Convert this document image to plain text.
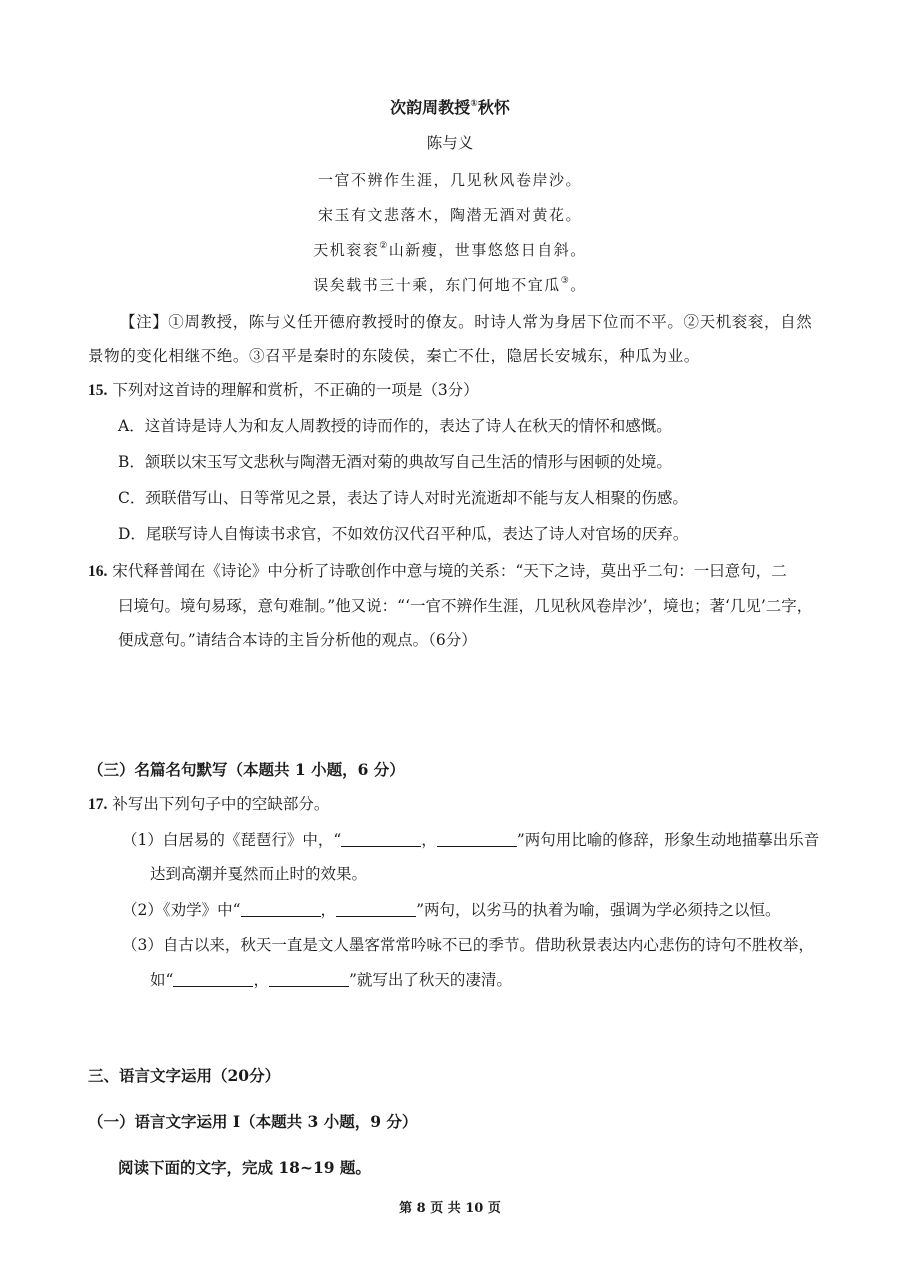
次韵周教授①秋怀
陈与义
一官不辨作生涯，几见秋风卷岸沙。
宋玉有文悲落木，陶潜无酒对黄花。
天机衮衮②山新瘦，世事悠悠日自斜。
误矣载书三十乘，东门何地不宜瓜③。
【注】①周教授，陈与义任开德府教授时的僚友。时诗人常为身居下位而不平。②天机衮衮，自然
景物的变化相继不绝。③召平是秦时的东陵侯，秦亡不仕，隐居长安城东，种瓜为业。
15. 下列对这首诗的理解和赏析，不正确的一项是（3分）
A．这首诗是诗人为和友人周教授的诗而作的，表达了诗人在秋天的情怀和感慨。
B．颔联以宋玉写文悲秋与陶潜无酒对菊的典故写自己生活的情形与困顿的处境。
C．颈联借写山、日等常见之景，表达了诗人对时光流逝却不能与友人相聚的伤感。
D．尾联写诗人自悔读书求官，不如效仿汉代召平种瓜，表达了诗人对官场的厌弃。
16. 宋代释普闻在《诗论》中分析了诗歌创作中意与境的关系：“天下之诗，莫出乎二句：一曰意句，二
曰境句。境句易琢，意句难制。”他又说：“‘一官不辨作生涯，几见秋风卷岸沙’，境也；著‘几见’二字，
便成意句。”请结合本诗的主旨分析他的观点。（6分）
（三）名篇名句默写（本题共 1 小题，6 分）
17. 补写出下列句子中的空缺部分。
（1）白居易的《琵琶行》中，“	，	”两句用比喻的修辞，形象生动地描摹出乐音
达到高潮并戛然而止时的效果。
（2）《劝学》中“	，	”两句，以劣马的执着为喻，强调为学必须持之以恒。
（3）自古以来，秋天一直是文人墨客常常吟咏不已的季节。借助秋景表达内心悲伤的诗句不胜枚举，
如“	，	”就写出了秋天的凄清。
三、语言文字运用（20分）
（一）语言文字运用 Ⅰ（本题共 3 小题，9 分）
阅读下面的文字，完成 18~19 题。
第 8 页 共 10 页
